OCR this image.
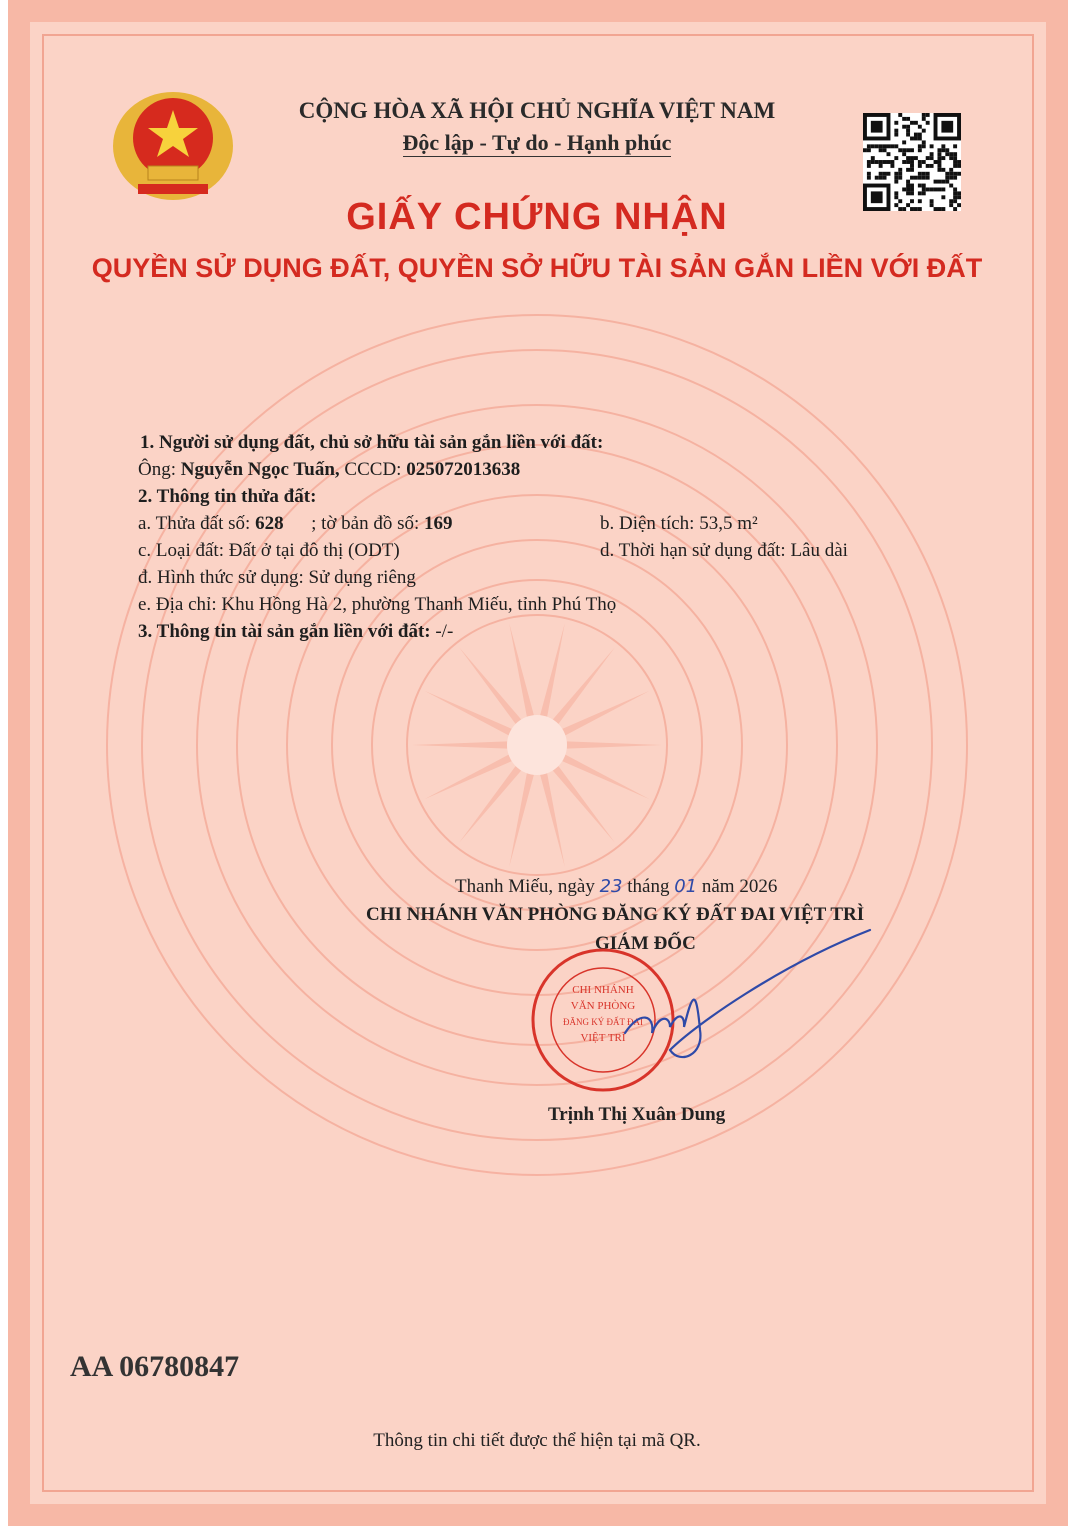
CỘNG HÒA XÃ HỘI CHỦ NGHĨA VIỆT NAM
Độc lập - Tự do - Hạnh phúc
GIẤY CHỨNG NHẬN
QUYỀN SỬ DỤNG ĐẤT, QUYỀN SỞ HỮU TÀI SẢN GẮN LIỀN VỚI ĐẤT
1. Người sử dụng đất, chủ sở hữu tài sản gắn liền với đất:
Ông: Nguyễn Ngọc Tuấn, CCCD: 025072013638
2. Thông tin thửa đất:
a. Thửa đất số: 628 ; tờ bản đồ số: 169	b. Diện tích: 53,5 m²
c. Loại đất: Đất ở tại đô thị (ODT)	d. Thời hạn sử dụng đất: Lâu dài
đ. Hình thức sử dụng: Sử dụng riêng
e. Địa chỉ: Khu Hồng Hà 2, phường Thanh Miếu, tỉnh Phú Thọ
3. Thông tin tài sản gắn liền với đất: -/-
Thanh Miếu, ngày 23 tháng 01 năm 2026
CHI NHÁNH VĂN PHÒNG ĐĂNG KÝ ĐẤT ĐAI VIỆT TRÌ
GIÁM ĐỐC
CHI NHÁNH
VĂN PHÒNG
ĐĂNG KÝ ĐẤT ĐAI
VIỆT TRÌ
Trịnh Thị Xuân Dung
AA 06780847
Thông tin chi tiết được thể hiện tại mã QR.
